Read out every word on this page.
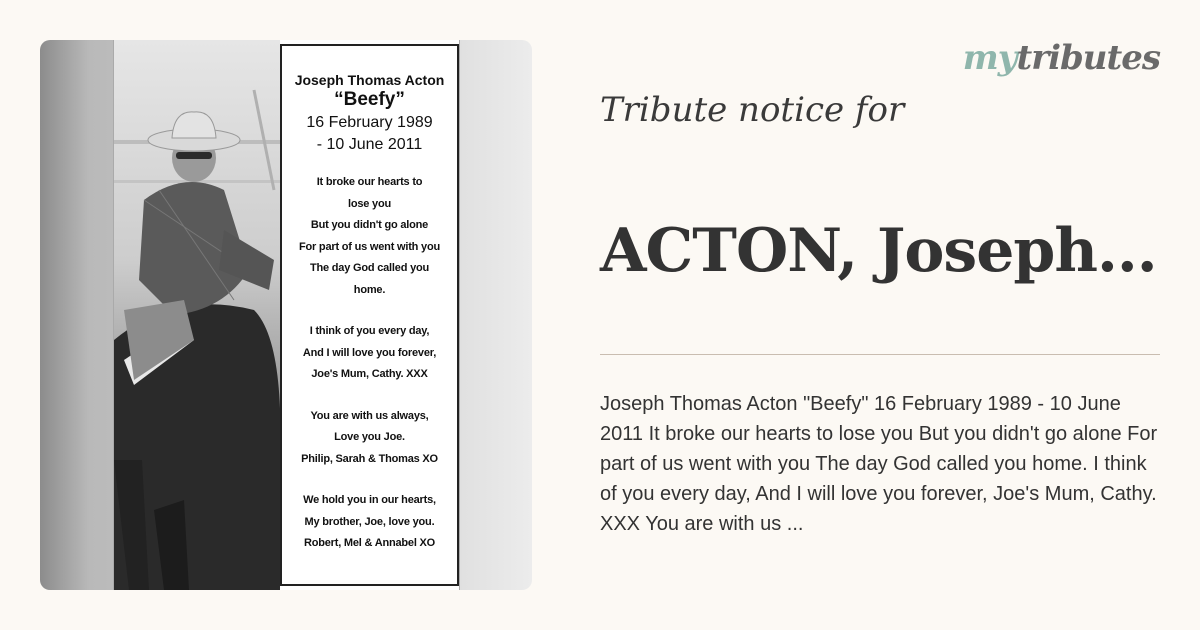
Joseph Thomas Acton
“Beefy”
16 February 1989
- 10 June 2011
It broke our hearts to
lose you
But you didn't go alone
For part of us went with you
The day God called you
home.
I think of you every day,
And I will love you forever,
Joe's Mum, Cathy. XXX
You are with us always,
Love you Joe.
Philip, Sarah & Thomas XO
We hold you in our hearts,
My brother, Joe, love you.
Robert, Mel & Annabel XO
mytributes
Tribute notice for
ACTON, Joseph...
Joseph Thomas Acton "Beefy" 16 February 1989 - 10 June 2011 It broke our hearts to lose you But you didn't go alone For part of us went with you The day God called you home. I think of you every day, And I will love you forever, Joe's Mum, Cathy. XXX You are with us ...
